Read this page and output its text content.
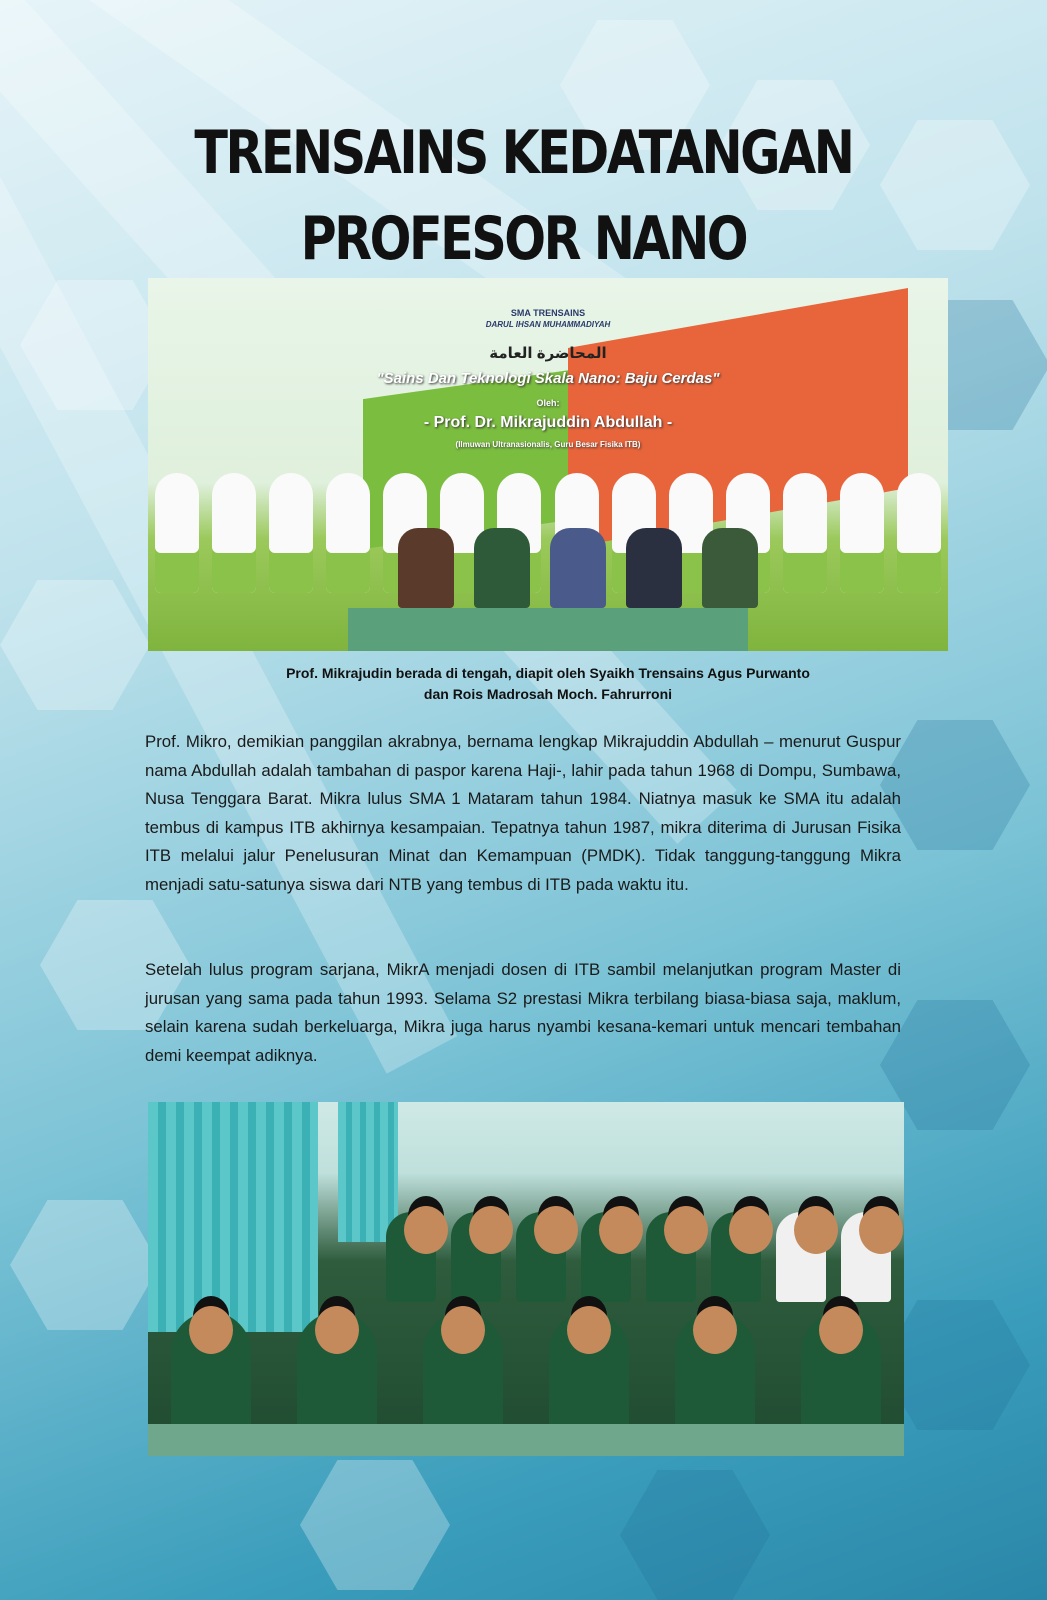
TRENSAINS KEDATANGAN
PROFESOR NANO
SMA TRENSAINS
DARUL IHSAN MUHAMMADIYAH
المحاضرة العامة
"Sains Dan Teknologi Skala Nano: Baju Cerdas"
Oleh:
- Prof. Dr. Mikrajuddin Abdullah -
(Ilmuwan Ultranasionalis, Guru Besar Fisika ITB)
Prof. Mikrajudin berada di tengah, diapit oleh Syaikh Trensains Agus Purwanto
dan Rois Madrosah Moch. Fahrurroni
Prof. Mikro, demikian panggilan akrabnya, bernama lengkap Mikrajuddin Abdullah – menurut Guspur nama Abdullah adalah tambahan di paspor karena Haji-, lahir pada tahun 1968 di Dompu, Sumbawa, Nusa Tenggara Barat. Mikra lulus SMA 1 Mataram tahun 1984. Niatnya masuk ke SMA itu adalah tembus di kampus ITB akhirnya kesampaian. Tepatnya tahun 1987, mikra diterima di Jurusan Fisika ITB melalui jalur Penelusuran Minat dan Kemampuan (PMDK). Tidak tanggung-tanggung Mikra menjadi satu-satunya siswa dari NTB yang tembus di ITB pada waktu itu.
Setelah lulus program sarjana, MikrA menjadi dosen di ITB sambil melanjutkan program Master di jurusan yang sama pada tahun 1993. Selama S2 prestasi Mikra terbilang biasa-biasa saja, maklum, selain karena sudah berkeluarga, Mikra juga harus nyambi kesana-kemari untuk mencari tembahan demi keempat adiknya.
